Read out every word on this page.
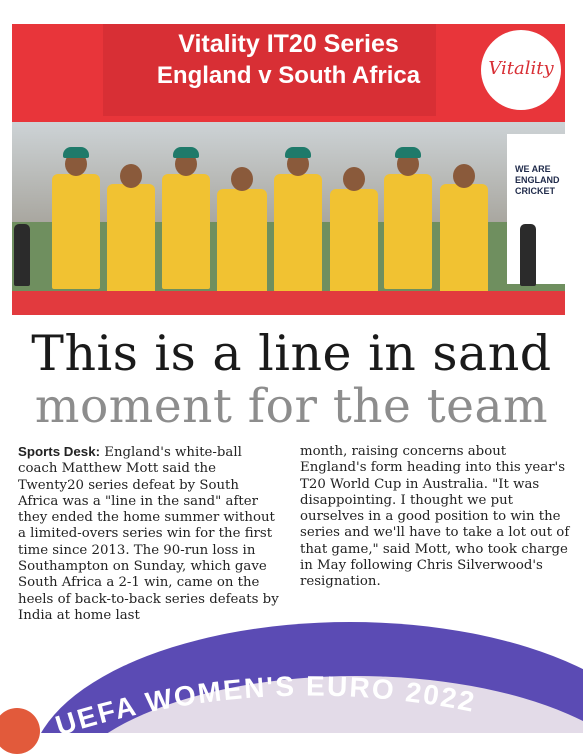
Vitality IT20 Series
England v South Africa	Vitality
WE ARE ENGLAND CRICKET
This is a line in sand
moment for the team

Sports Desk: England's white-ball coach Matthew Mott said the Twenty20 series defeat by South Africa was a "line in the sand" after they ended the home summer without a limited-overs series win for the first time since 2013. The 90-run loss in Southampton on Sunday, which gave South Africa a 2-1 win, came on the heels of back-to-back series defeats by India at home last

month, raising concerns about England's form heading into this year's T20 World Cup in Australia. "It was disappointing. I thought we put ourselves in a good position to win the series and we'll have to take a lot out of that game," said Mott, who took charge in May following Chris Silverwood's resignation.

UEFA WOMEN'S EURO 2022
